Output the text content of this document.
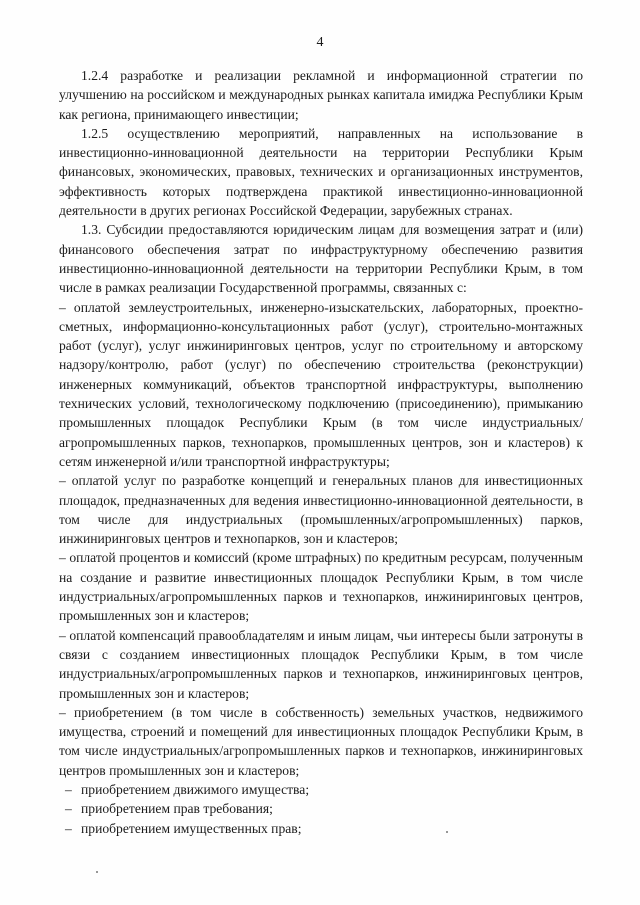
4

1.2.4 разработке и реализации рекламной и информационной стратегии по улучшению на российском и международных рынках капитала имиджа Республики Крым как региона, принимающего инвестиции;

1.2.5 осуществлению мероприятий, направленных на использование в инвестиционно-инновационной деятельности на территории Республики Крым финансовых, экономических, правовых, технических и организационных инструментов, эффективность которых подтверждена практикой инвестиционно-инновационной деятельности в других регионах Российской Федерации, зарубежных странах.

1.3. Субсидии предоставляются юридическим лицам для возмещения затрат и (или) финансового обеспечения затрат по инфраструктурному обеспечению развития инвестиционно-инновационной деятельности на территории Республики Крым, в том числе в рамках реализации Государственной программы, связанных с:

– оплатой землеустроительных, инженерно-изыскательских, лабораторных, проектно-сметных, информационно-консультационных работ (услуг), строительно-монтажных работ (услуг), услуг инжиниринговых центров, услуг по строительному и авторскому надзору/контролю, работ (услуг) по обеспечению строительства (реконструкции) инженерных коммуникаций, объектов транспортной инфраструктуры, выполнению технических условий, технологическому подключению (присоединению), примыканию промышленных площадок Республики Крым (в том числе индустриальных/агропромышленных парков, технопарков, промышленных центров, зон и кластеров) к сетям инженерной и/или транспортной инфраструктуры;

– оплатой услуг по разработке концепций и генеральных планов для инвестиционных площадок, предназначенных для ведения инвестиционно-инновационной деятельности, в том числе для индустриальных (промышленных/агропромышленных) парков, инжиниринговых центров и технопарков, зон и кластеров;

– оплатой процентов и комиссий (кроме штрафных) по кредитным ресурсам, полученным на создание и развитие инвестиционных площадок Республики Крым, в том числе индустриальных/агропромышленных парков и технопарков, инжиниринговых центров, промышленных зон и кластеров;

– оплатой компенсаций правообладателям и иным лицам, чьи интересы были затронуты в связи с созданием инвестиционных площадок Республики Крым, в том числе индустриальных/агропромышленных парков и технопарков, инжиниринговых центров, промышленных зон и кластеров;

– приобретением (в том числе в собственность) земельных участков, недвижимого имущества, строений и помещений для инвестиционных площадок Республики Крым, в том числе индустриальных/агропромышленных парков и технопарков, инжиниринговых центров промышленных зон и кластеров;

– приобретением движимого имущества;

– приобретением прав требования;

– приобретением имущественных прав;
